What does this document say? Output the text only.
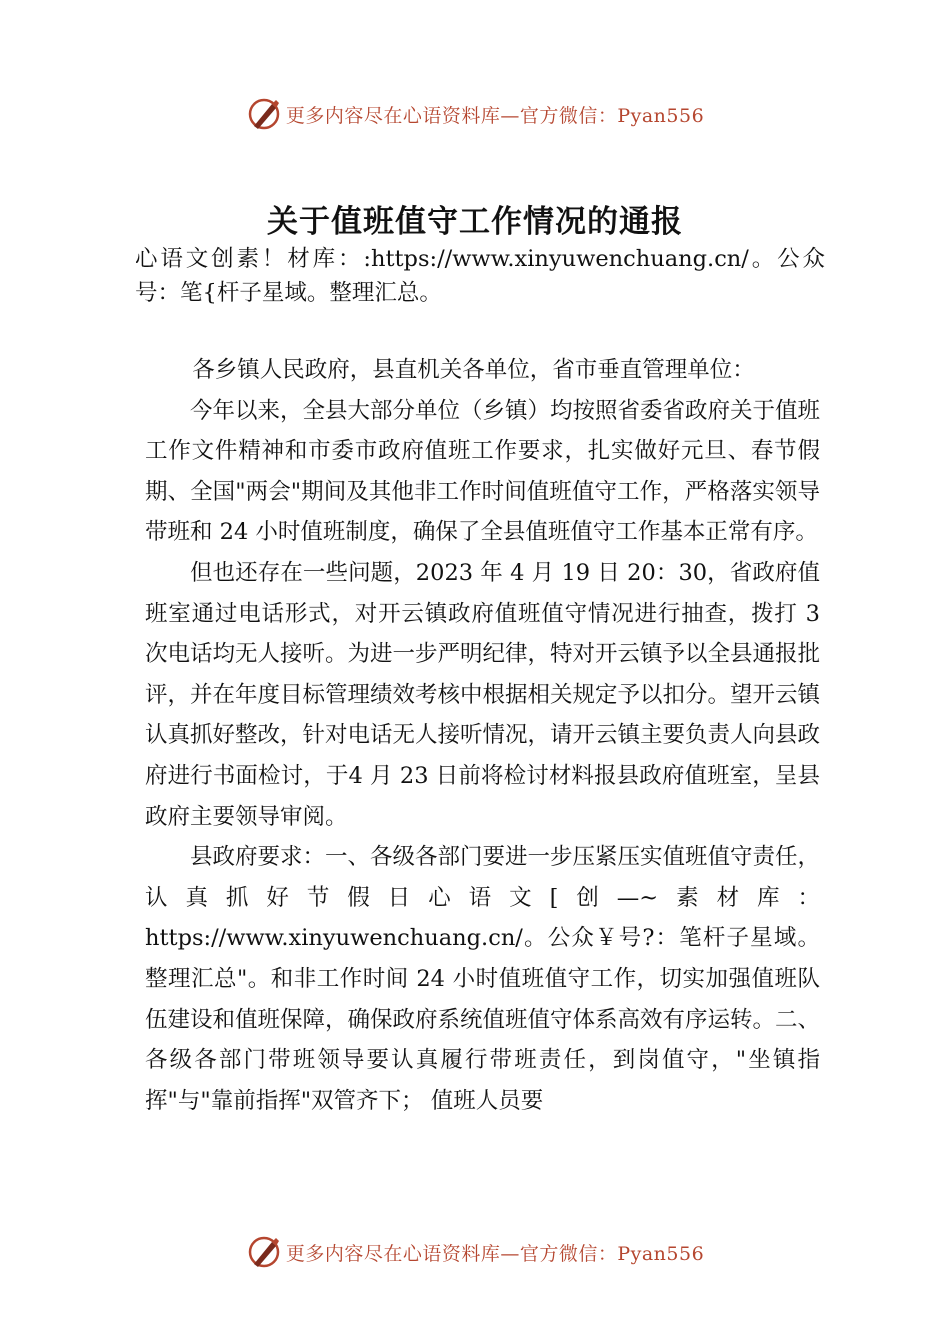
更多内容尽在心语资料库—官方微信：Pyan556
关于值班值守工作情况的通报

心语文创素！材库：:https://www.xinyuwenchuang.cn/。公众号：笔{杆子星域。整理汇总。

各乡镇人民政府，县直机关各单位，省市垂直管理单位：

今年以来，全县大部分单位（乡镇）均按照省委省政府关于值班工作文件精神和市委市政府值班工作要求，扎实做好元旦、春节假期、全国"两会"期间及其他非工作时间值班值守工作，严格落实领导带班和 24 小时值班制度，确保了全县值班值守工作基本正常有序。

但也还存在一些问题，2023 年 4 月 19 日 20：30，省政府值班室通过电话形式，对开云镇政府值班值守情况进行抽查，拨打 3 次电话均无人接听。为进一步严明纪律，特对开云镇予以全县通报批评，并在年度目标管理绩效考核中根据相关规定予以扣分。望开云镇认真抓好整改，针对电话无人接听情况，请开云镇主要负责人向县政府进行书面检讨，于4 月 23 日前将检讨材料报县政府值班室，呈县政府主要领导审阅。

县政府要求：一、各级各部门要进一步压紧压实值班值守责任，认真抓好节假日心语文[创—~素材库：https://www.xinyuwenchuang.cn/。公众￥号?：笔杆子星域。整理汇总"。和非工作时间 24 小时值班值守工作，切实加强值班队伍建设和值班保障，确保政府系统值班值守体系高效有序运转。二、各级各部门带班领导要认真履行带班责任，到岗值守，"坐镇指挥"与"靠前指挥"双管齐下； 值班人员要

更多内容尽在心语资料库—官方微信：Pyan556
